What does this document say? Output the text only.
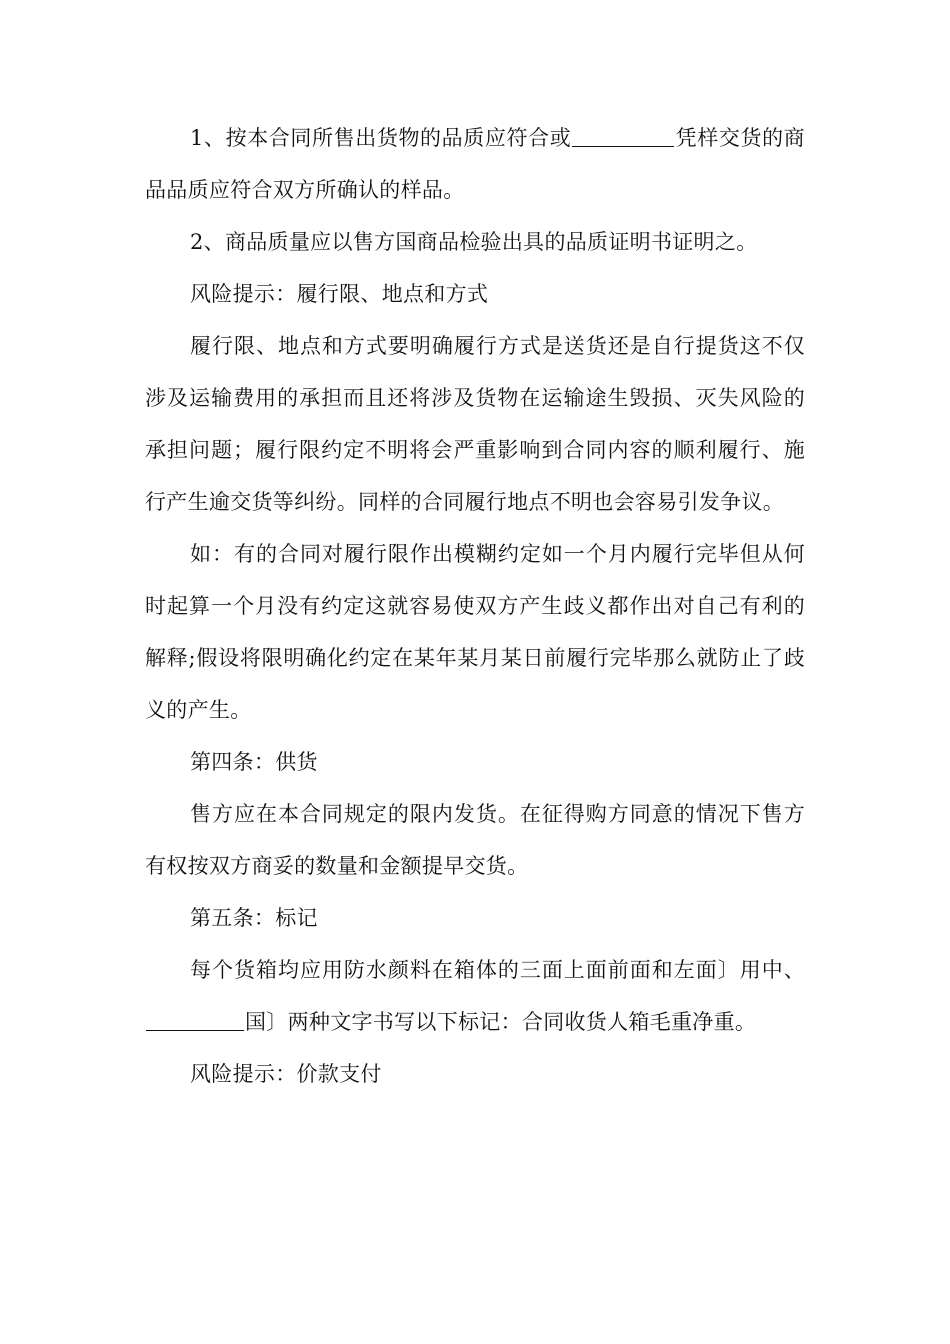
1、按本合同所售出货物的品质应符合或	凭样交货的商品品质应符合双方所确认的样品。

2、商品质量应以售方国商品检验出具的品质证明书证明之。

风险提示：履行限、地点和方式

履行限、地点和方式要明确履行方式是送货还是自行提货这不仅涉及运输费用的承担而且还将涉及货物在运输途生毁损、灭失风险的承担问题；履行限约定不明将会严重影响到合同内容的顺利履行、施行产生逾交货等纠纷。同样的合同履行地点不明也会容易引发争议。

如：有的合同对履行限作出模糊约定如一个月内履行完毕但从何时起算一个月没有约定这就容易使双方产生歧义都作出对自己有利的解释;假设将限明确化约定在某年某月某日前履行完毕那么就防止了歧义的产生。

第四条：供货

售方应在本合同规定的限内发货。在征得购方同意的情况下售方有权按双方商妥的数量和金额提早交货。

第五条：标记

每个货箱均应用防水颜料在箱体的三面上面前面和左面〕用中、国〕两种文字书写以下标记：合同收货人箱毛重净重。

风险提示：价款支付
